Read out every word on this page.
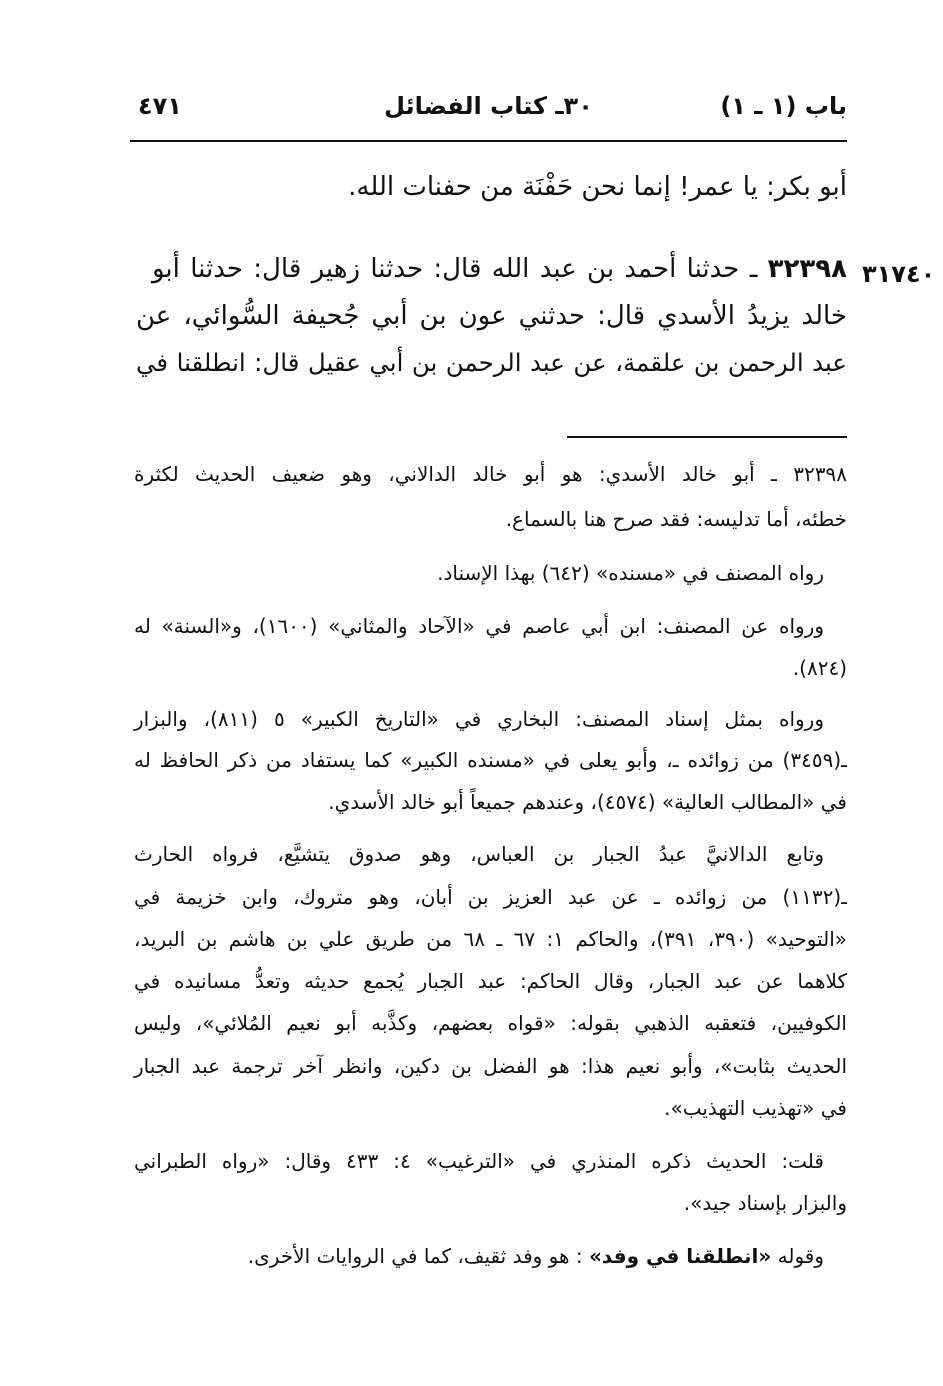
باب (١ ـ ١)
٣٠ـ كتاب الفضائل
٤٧١
أبو بكر: يا عمر! إنما نحن حَفْنَة من حفنات الله.
٣١٧٤٠
٣٢٣٩٨ ـ حدثنا أحمد بن عبد الله قال: حدثنا زهير قال: حدثنا أبو
خالد يزيدُ الأسدي قال: حدثني عون بن أبي جُحيفة السُّوائي، عن
عبد الرحمن بن علقمة، عن عبد الرحمن بن أبي عقيل قال: انطلقنا في
٣٢٣٩٨ ـ أبو خالد الأسدي: هو أبو خالد الدالاني، وهو ضعيف الحديث لكثرة
خطئه، أما تدليسه: فقد صرح هنا بالسماع.
رواه المصنف في «مسنده» (٦٤٢) بهذا الإسناد.
ورواه عن المصنف: ابن أبي عاصم في «الآحاد والمثاني» (١٦٠٠)، و«السنة» له
(٨٢٤).
ورواه بمثل إسناد المصنف: البخاري في «التاريخ الكبير» ٥ (٨١١)، والبزار
ـ(٣٤٥٩) من زوائده ـ، وأبو يعلى في «مسنده الكبير» كما يستفاد من ذكر الحافظ له
في «المطالب العالية» (٤٥٧٤)، وعندهم جميعاً أبو خالد الأسدي.
وتابع الدالانيَّ عبدُ الجبار بن العباس، وهو صدوق يتشيَّع، فرواه الحارث
ـ(١١٣٢) من زوائده ـ عن عبد العزيز بن أبان، وهو متروك، وابن خزيمة في
«التوحيد» (٣٩٠، ٣٩١)، والحاكم ١: ٦٧ ـ ٦٨ من طريق علي بن هاشم بن البريد،
كلاهما عن عبد الجبار، وقال الحاكم: عبد الجبار يُجمع حديثه وتعدُّ مسانيده في
الكوفيين، فتعقبه الذهبي بقوله: «قواه بعضهم، وكذَّبه أبو نعيم المُلائي»، وليس
الحديث بثابت»، وأبو نعيم هذا: هو الفضل بن دكين، وانظر آخر ترجمة عبد الجبار
في «تهذيب التهذيب».
قلت: الحديث ذكره المنذري في «الترغيب» ٤: ٤٣٣ وقال: «رواه الطبراني
والبزار بإسناد جيد».
وقوله «انطلقنا في وفد» : هو وفد ثقيف، كما في الروايات الأخرى.
